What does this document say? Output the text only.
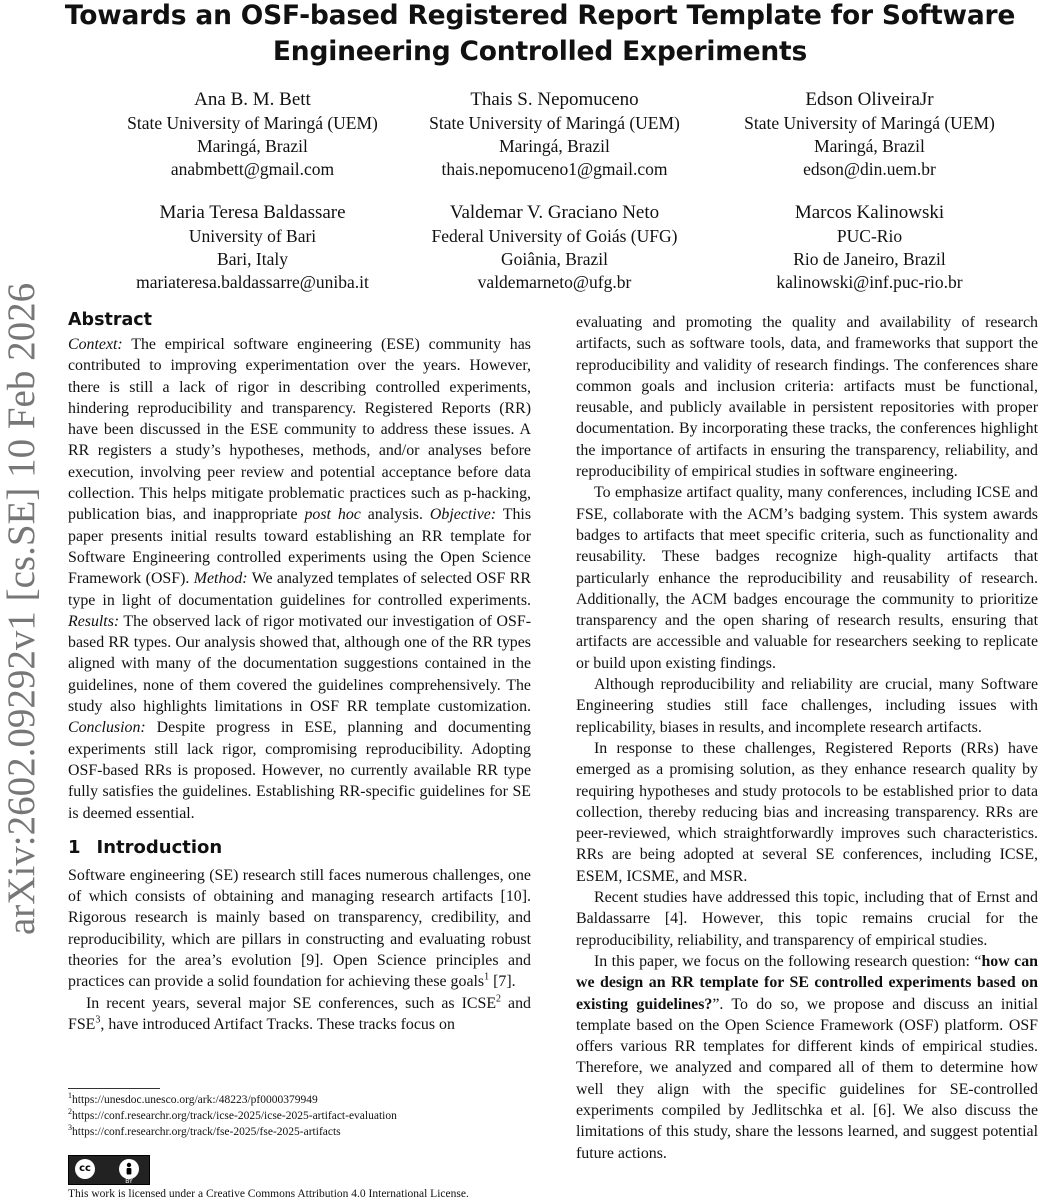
Towards an OSF-based Registered Report Template for Software Engineering Controlled Experiments
arXiv:2602.09292v1 [cs.SE] 10 Feb 2026
Ana B. M. Bett
State University of Maringá (UEM)
Maringá, Brazil
anabmbett@gmail.com
Thais S. Nepomuceno
State University of Maringá (UEM)
Maringá, Brazil
thais.nepomuceno1@gmail.com
Edson OliveiraJr
State University of Maringá (UEM)
Maringá, Brazil
edson@din.uem.br
Maria Teresa Baldassare
University of Bari
Bari, Italy
mariateresa.baldassarre@uniba.it
Valdemar V. Graciano Neto
Federal University of Goiás (UFG)
Goiânia, Brazil
valdemarneto@ufg.br
Marcos Kalinowski
PUC-Rio
Rio de Janeiro, Brazil
kalinowski@inf.puc-rio.br
Abstract

Context: The empirical software engineering (ESE) community has contributed to improving experimentation over the years. However, there is still a lack of rigor in describing controlled experiments, hindering reproducibility and transparency. Registered Reports (RR) have been discussed in the ESE community to address these issues. A RR registers a study’s hypotheses, methods, and/or analyses before execution, involving peer review and potential acceptance before data collection. This helps mitigate problematic practices such as p-hacking, publication bias, and inappropriate post hoc analysis. Objective: This paper presents initial results toward establishing an RR template for Software Engineering controlled experiments using the Open Science Framework (OSF). Method: We analyzed templates of selected OSF RR type in light of documentation guidelines for controlled experiments. Results: The observed lack of rigor motivated our investigation of OSF-based RR types. Our analysis showed that, although one of the RR types aligned with many of the documentation suggestions contained in the guidelines, none of them covered the guidelines comprehensively. The study also highlights limitations in OSF RR template customization. Conclusion: Despite progress in ESE, planning and documenting experiments still lack rigor, compromising reproducibility. Adopting OSF-based RRs is proposed. However, no currently available RR type fully satisfies the guidelines. Establishing RR-specific guidelines for SE is deemed essential.

1 Introduction

Software engineering (SE) research still faces numerous challenges, one of which consists of obtaining and managing research artifacts [10]. Rigorous research is mainly based on transparency, credibility, and reproducibility, which are pillars in constructing and evaluating robust theories for the area’s evolution [9]. Open Science principles and practices can provide a solid foundation for achieving these goals$^1$ [7].

In recent years, several major SE conferences, such as ICSE$^2$ and FSE$^3$, have introduced Artifact Tracks. These tracks focus on

$^1$https://unesdoc.unesco.org/ark:/48223/pf0000379949
$^2$https://conf.researchr.org/track/icse-2025/icse-2025-artifact-evaluation
$^3$https://conf.researchr.org/track/fse-2025/fse-2025-artifacts
cc
BY
This work is licensed under a Creative Commons Attribution 4.0 International License.

evaluating and promoting the quality and availability of research artifacts, such as software tools, data, and frameworks that support the reproducibility and validity of research findings. The conferences share common goals and inclusion criteria: artifacts must be functional, reusable, and publicly available in persistent repositories with proper documentation. By incorporating these tracks, the conferences highlight the importance of artifacts in ensuring the transparency, reliability, and reproducibility of empirical studies in software engineering.

To emphasize artifact quality, many conferences, including ICSE and FSE, collaborate with the ACM’s badging system. This system awards badges to artifacts that meet specific criteria, such as functionality and reusability. These badges recognize high-quality artifacts that particularly enhance the reproducibility and reusability of research. Additionally, the ACM badges encourage the community to prioritize transparency and the open sharing of research results, ensuring that artifacts are accessible and valuable for researchers seeking to replicate or build upon existing findings.

Although reproducibility and reliability are crucial, many Software Engineering studies still face challenges, including issues with replicability, biases in results, and incomplete research artifacts.

In response to these challenges, Registered Reports (RRs) have emerged as a promising solution, as they enhance research quality by requiring hypotheses and study protocols to be established prior to data collection, thereby reducing bias and increasing transparency. RRs are peer-reviewed, which straightforwardly improves such characteristics. RRs are being adopted at several SE conferences, including ICSE, ESEM, ICSME, and MSR.

Recent studies have addressed this topic, including that of Ernst and Baldassarre [4]. However, this topic remains crucial for the reproducibility, reliability, and transparency of empirical studies.

In this paper, we focus on the following research question: “how can we design an RR template for SE controlled experiments based on existing guidelines?”. To do so, we propose and discuss an initial template based on the Open Science Framework (OSF) platform. OSF offers various RR templates for different kinds of empirical studies. Therefore, we analyzed and compared all of them to determine how well they align with the specific guidelines for SE-controlled experiments compiled by Jedlitschka et al. [6]. We also discuss the limitations of this study, share the lessons learned, and suggest potential future actions.
